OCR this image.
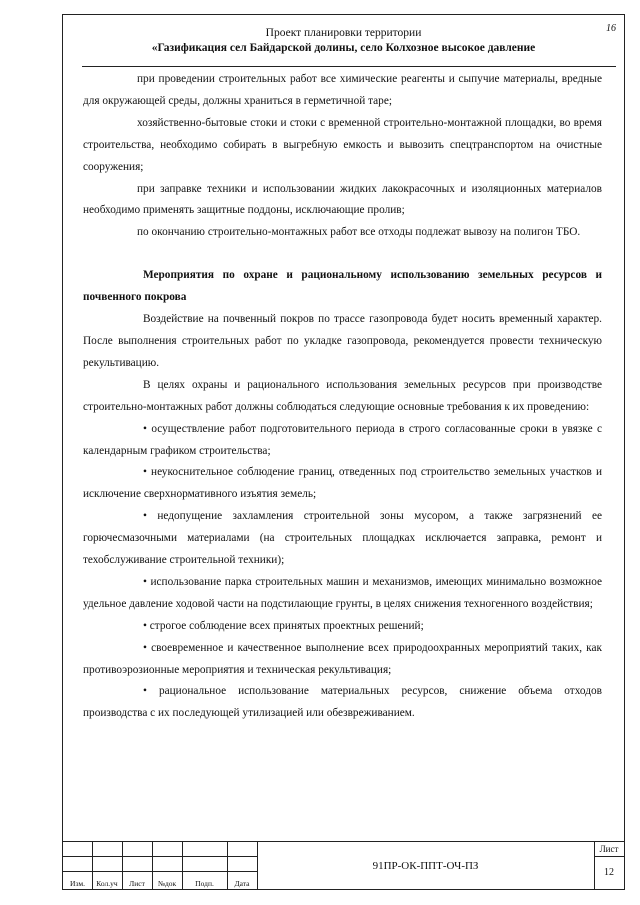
16
Проект планировки территории
«Газификация сел Байдарской долины, село Колхозное высокое давление

при проведении строительных работ все химические реагенты и сыпучие материалы, вредные для окружающей среды, должны храниться в герметичной таре;

хозяйственно-бытовые стоки и стоки с временной строительно-монтажной площадки, во время строительства, необходимо собирать в выгребную емкость и вывозить спецтранспортом на очистные сооружения;

при заправке техники и использовании жидких лакокрасочных и изоляционных материалов необходимо применять защитные поддоны, исключающие пролив;

по окончанию строительно-монтажных работ все отходы подлежат вывозу на полигон ТБО.

Мероприятия по охране и рациональному использованию земельных ресурсов и почвенного покрова

Воздействие на почвенный покров по трассе газопровода будет носить временный характер. После выполнения строительных работ по укладке газопровода, рекомендуется провести техническую рекультивацию.

В целях охраны и рационального использования земельных ресурсов при производстве строительно-монтажных работ должны соблюдаться следующие основные требования к их проведению:

• осуществление работ подготовительного периода в строго согласованные сроки в увязке с календарным графиком строительства;

• неукоснительное соблюдение границ, отведенных под строительство земельных участков и исключение сверхнормативного изъятия земель;

• недопущение захламления строительной зоны мусором, а также загрязнений ее горючесмазочными материалами (на строительных площадках исключается заправка, ремонт и техобслуживание строительной техники);

• использование парка строительных машин и механизмов, имеющих минимально возможное удельное давление ходовой части на подстилающие грунты, в целях снижения техногенного воздействия;

• строгое соблюдение всех принятых проектных решений;

• своевременное и качественное выполнение всех природоохранных мероприятий таких, как противоэрозионные мероприятия и техническая рекультивация;

• рациональное использование материальных ресурсов, снижение объема отходов производства с их последующей утилизацией или обезвреживанием.

Изм.	Кол.уч	Лист	№док	Подп.	Дата
91ПР-ОК-ППТ-ОЧ-ПЗ
Лист
12
